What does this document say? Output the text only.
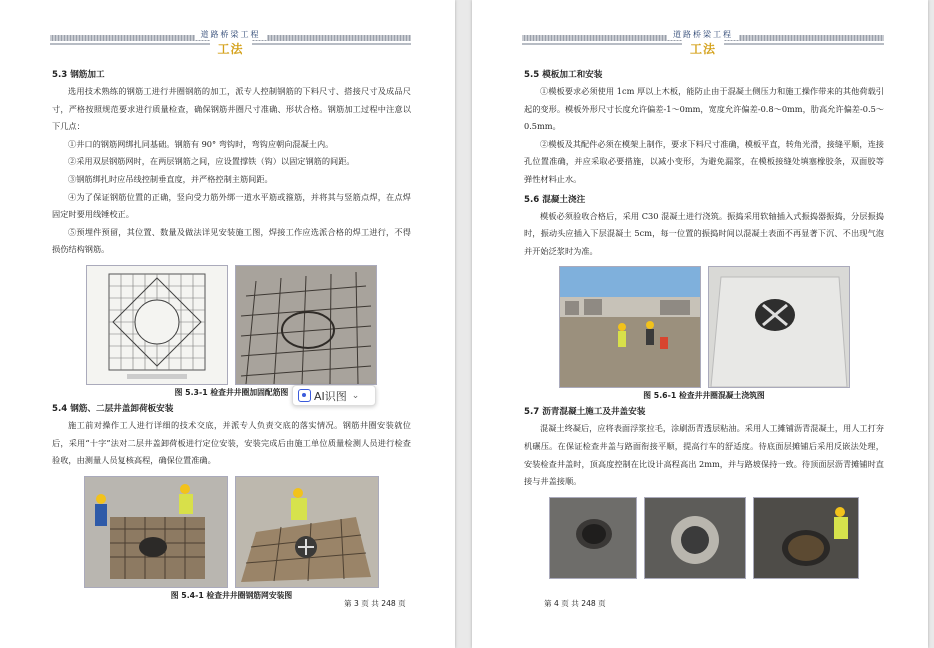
道路桥梁工程
工法
5.3 钢筋加工

选用技术熟练的钢筋工进行井圈钢筋的加工，派专人控制钢筋的下料尺寸、搭接尺寸及成品尺寸，严格按照规范要求进行质量检查，确保钢筋井圈尺寸准确、形状合格。钢筋加工过程中注意以下几点：

①井口的钢筋网绑扎同基础。钢筋有 90° 弯钩时，弯钩应朝向混凝土内。

②采用双层钢筋网时，在两层钢筋之间，应设置撑铁（钩）以固定钢筋的间距。

③钢筋绑扎时应吊线控制垂直度，并严格控制主筋间距。

④为了保证钢筋位置的正确，竖向受力筋外绑一道水平筋或箍筋，并将其与竖筋点焊，在点焊固定时要用线锤校正。

⑤预埋件预留，其位置、数量及做法详见安装施工图，焊接工作应选派合格的焊工进行，不得损伤结构钢筋。

图 5.3-1 检查井井圈加固配筋图
5.4 钢筋、二层井盖卸荷板安装

施工前对操作工人进行详细的技术交底，并派专人负责交底的落实情况。钢筋井圈安装就位后，采用“十字”法对二层井盖卸荷板进行定位安装，安装完成后由施工单位质量检测人员进行检查验收，由测量人员复核高程，确保位置准确。

图 5.4-1 检查井井圈钢筋网安装图
第 3 页 共 248 页
道路桥梁工程
工法
5.5 模板加工和安装

①模板要求必须使用 1cm 厚以上木板，能防止由于混凝土侧压力和施工操作带来的其他荷载引起的变形。模板外形尺寸长度允许偏差-1～0mm，宽度允许偏差-0.8～0mm，肋高允许偏差-0.5～0.5mm。

②模板及其配件必须在模架上制作，要求下料尺寸准确，模板平直，转角光滑，接缝平顺，连接孔位置准确，并应采取必要措施，以减小变形，为避免漏浆，在模板接缝处填塞橡胶条，双面胶等弹性材料止水。

5.6 混凝土浇注

模板必须验收合格后，采用 C30 混凝土进行浇筑。振捣采用软轴插入式振捣器振捣，分层振捣时，振动头应插入下层混凝土 5cm，每一位置的振捣时间以混凝土表面不再显著下沉、不出现气泡并开始泛浆时为准。

图 5.6-1 检查井井圈混凝土浇筑图
5.7 沥青混凝土施工及井盖安装

混凝土终凝后，应将表面浮浆拉毛，涂刷沥青透层粘油。采用人工摊铺沥青混凝土，用人工打夯机碾压。在保证检查井盖与路面衔接平顺，提高行车的舒适度。待底面层摊铺后采用反嵌法处理，安装检查井盖时，顶高度控制在比设计高程高出 2mm，并与路坡保持一致。待顶面层沥青摊铺时直接与井盖接顺。

第 4 页 共 248 页
AI识图 ⌄
